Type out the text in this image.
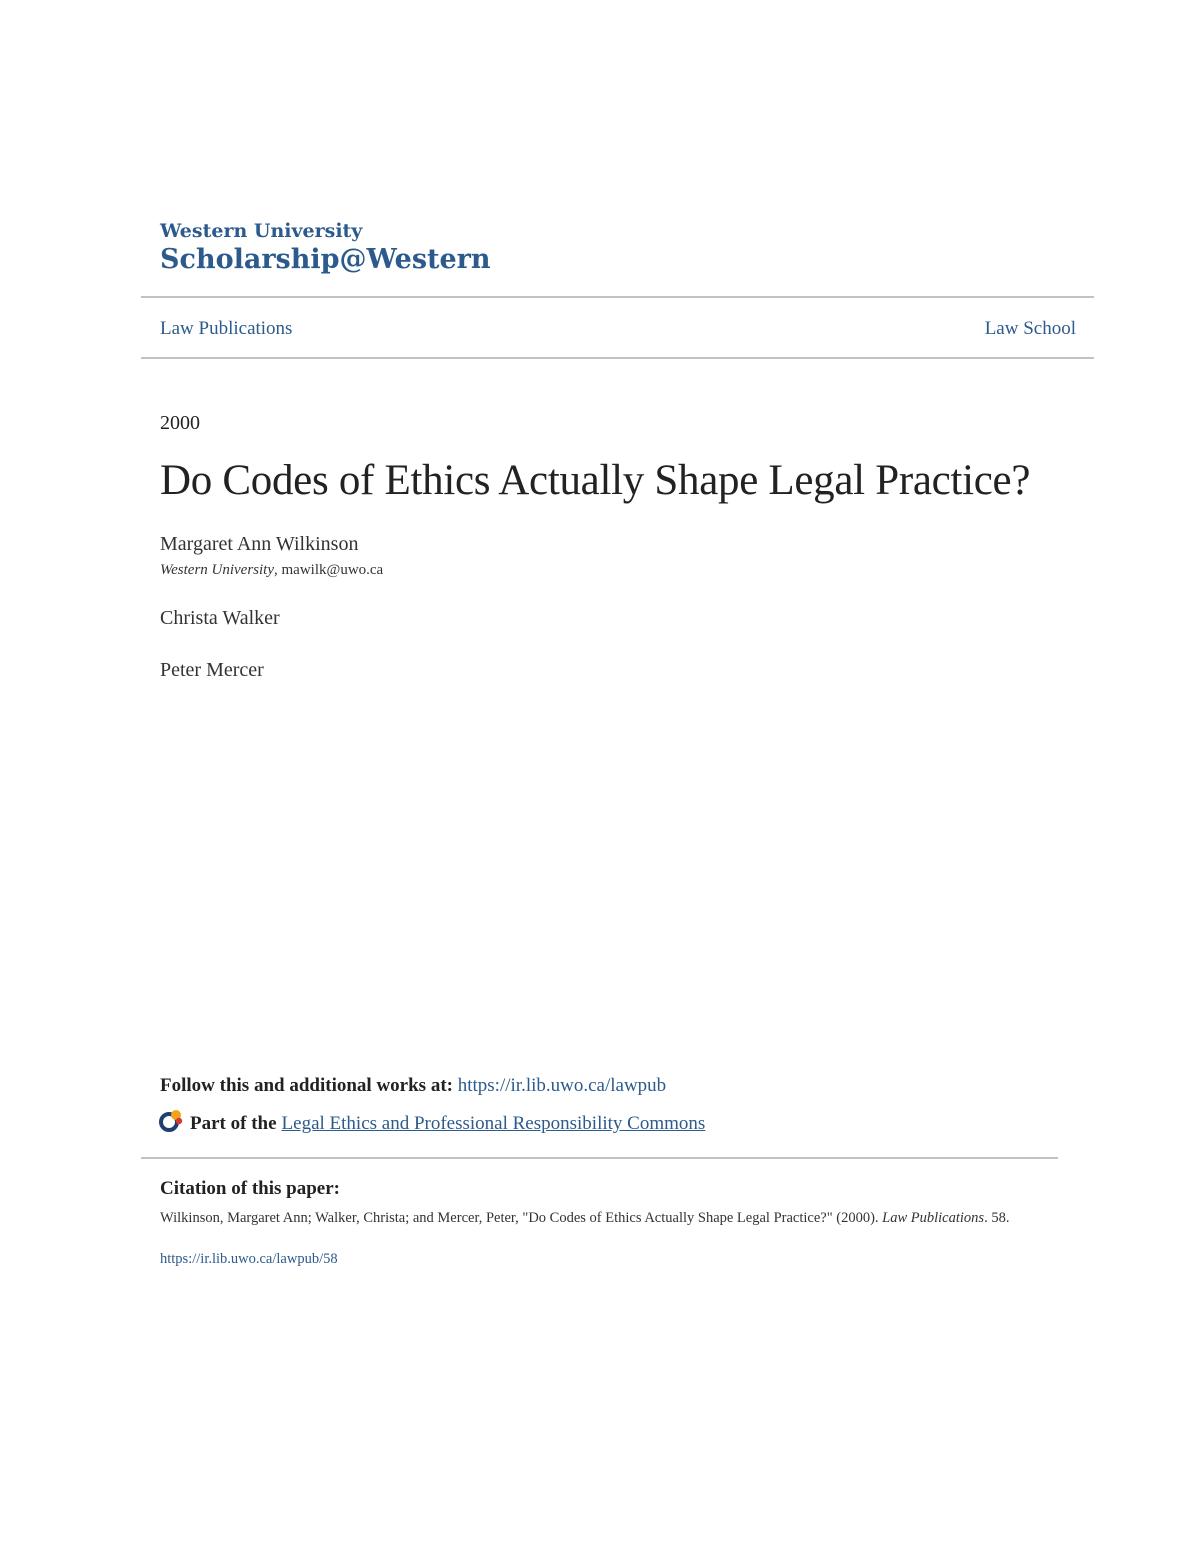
Western University
Scholarship@Western
Law Publications	Law School
2000
Do Codes of Ethics Actually Shape Legal Practice?
Margaret Ann Wilkinson
Western University, mawilk@uwo.ca
Christa Walker
Peter Mercer
Follow this and additional works at: https://ir.lib.uwo.ca/lawpub
Part of the Legal Ethics and Professional Responsibility Commons
Citation of this paper:
Wilkinson, Margaret Ann; Walker, Christa; and Mercer, Peter, "Do Codes of Ethics Actually Shape Legal Practice?" (2000). Law Publications. 58.
https://ir.lib.uwo.ca/lawpub/58
